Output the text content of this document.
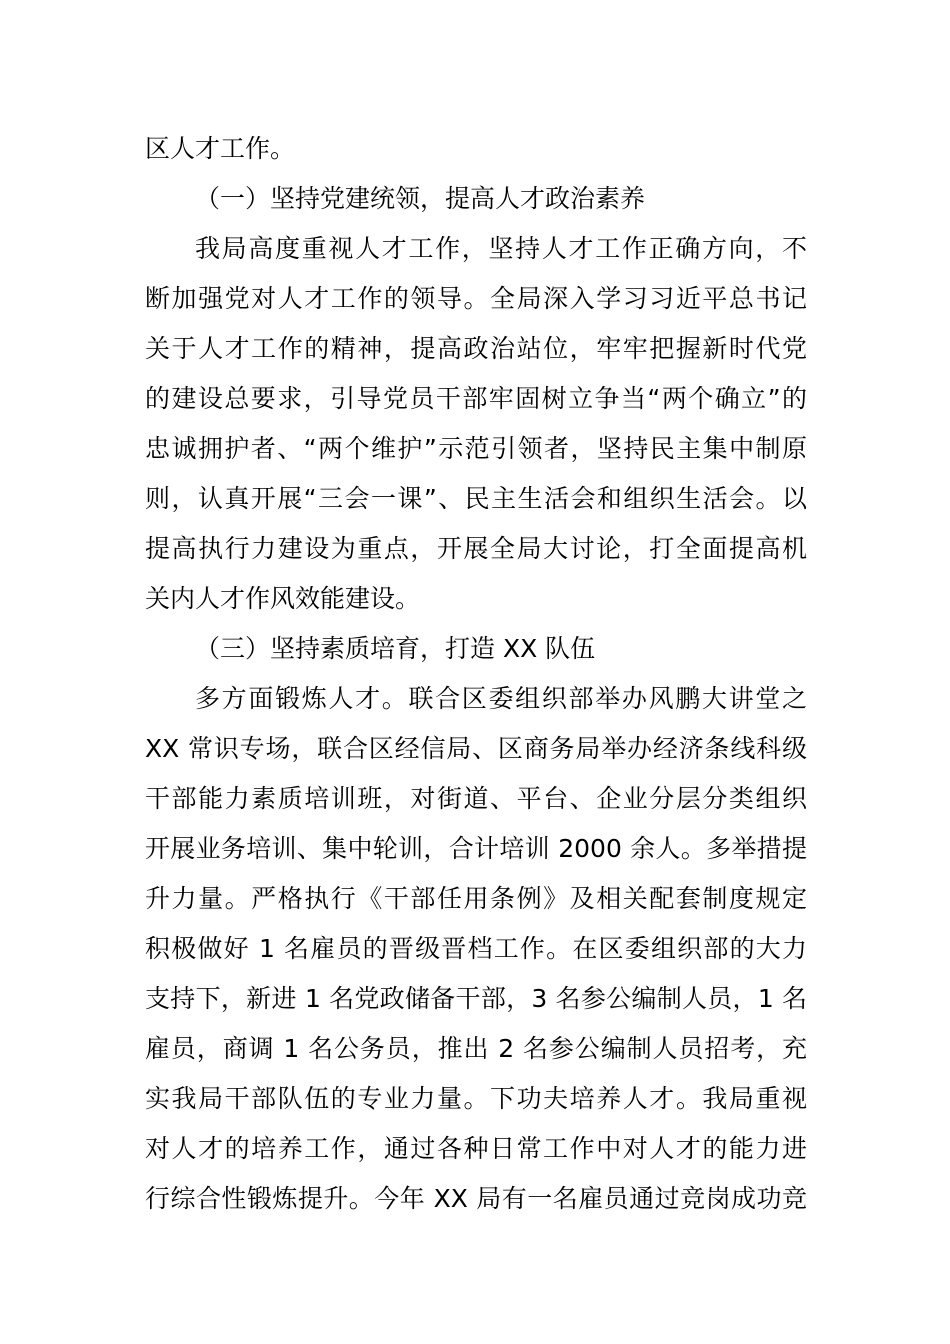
区人才工作。
（一）坚持党建统领，提高人才政治素养
我局高度重视人才工作，坚持人才工作正确方向，不
断加强党对人才工作的领导。全局深入学习习近平总书记
关于人才工作的精神，提高政治站位，牢牢把握新时代党
的建设总要求，引导党员干部牢固树立争当“两个确立”的
忠诚拥护者、“两个维护”示范引领者，坚持民主集中制原
则，认真开展“三会一课”、民主生活会和组织生活会。以
提高执行力建设为重点，开展全局大讨论，打全面提高机
关内人才作风效能建设。
（三）坚持素质培育，打造 XX 队伍
多方面锻炼人才。联合区委组织部举办风鹏大讲堂之
XX 常识专场，联合区经信局、区商务局举办经济条线科级
干部能力素质培训班，对街道、平台、企业分层分类组织
开展业务培训、集中轮训，合计培训 2000 余人。多举措提
升力量。严格执行《干部任用条例》及相关配套制度规定
积极做好 1 名雇员的晋级晋档工作。在区委组织部的大力
支持下，新进 1 名党政储备干部，3 名参公编制人员，1 名
雇员，商调 1 名公务员，推出 2 名参公编制人员招考，充
实我局干部队伍的专业力量。下功夫培养人才。我局重视
对人才的培养工作，通过各种日常工作中对人才的能力进
行综合性锻炼提升。今年 XX 局有一名雇员通过竞岗成功竞
